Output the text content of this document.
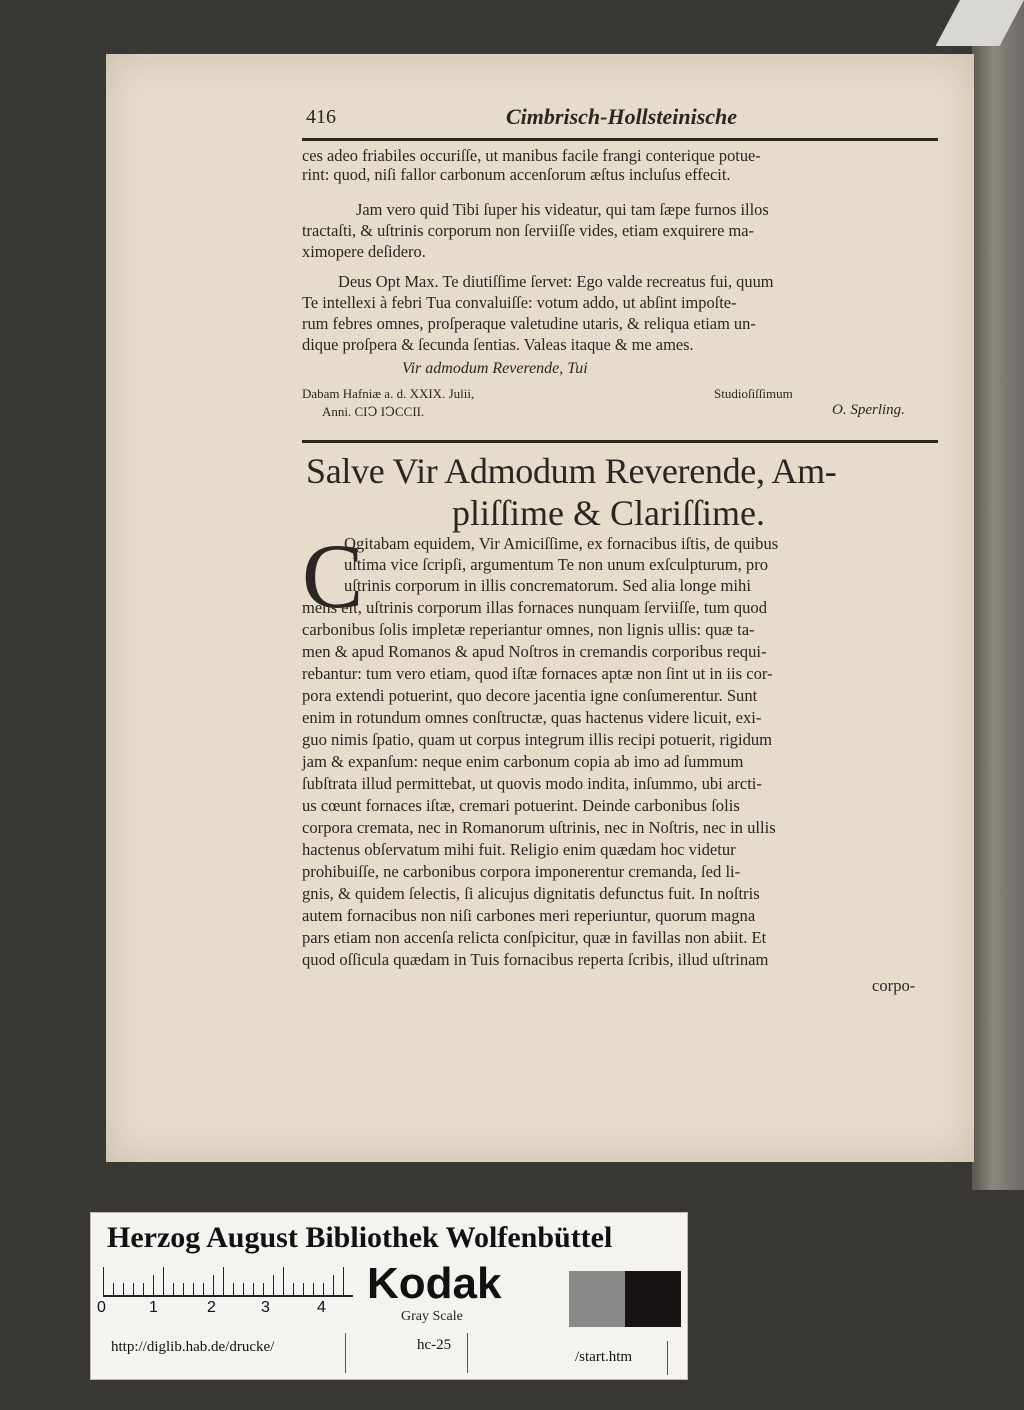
416	Cimbrisch-Hollsteinische
ces adeo friabiles occuriſſe, ut manibus facile frangi conterique potue-
rint: quod, niſi fallor carbonum accenſorum æſtus incluſus effecit.
Jam vero quid Tibi ſuper his videatur, qui tam ſæpe furnos illos
tractaſti, & uſtrinis corporum non ſerviiſſe vides, etiam exquirere ma-
ximopere deſidero.
Deus Opt Max. Te diutiſſime ſervet: Ego valde recreatus fui, quum
Te intellexi à febri Tua convaluiſſe: votum addo, ut abſint impoſte-
rum febres omnes, proſperaque valetudine utaris, & reliqua etiam un-
dique proſpera & ſecunda ſentias. Valeas itaque & me ames.
Vir admodum Reverende, Tui
Dabam Hafniæ a. d. XXIX. Julii,	Studioſiſſimum
Anni. CIↃ IↃCCII.	O. Sperling.
Salve Vir Admodum Reverende, Am-
pliſſime & Clariſſime.
C
Ogitabam equidem, Vir Amiciſſime, ex fornacibus iſtis, de quibus
ultima vice ſcripſi, argumentum Te non unum exſculpturum, pro
uſtrinis corporum in illis concrematorum. Sed alia longe mihi
mens eſt, uſtrinis corporum illas fornaces nunquam ſerviiſſe, tum quod
carbonibus ſolis impletæ reperiantur omnes, non lignis ullis: quæ ta-
men & apud Romanos & apud Noſtros in cremandis corporibus requi-
rebantur: tum vero etiam, quod iſtæ fornaces aptæ non ſint ut in iis cor-
pora extendi potuerint, quo decore jacentia igne conſumerentur. Sunt
enim in rotundum omnes conſtructæ, quas hactenus videre licuit, exi-
guo nimis ſpatio, quam ut corpus integrum illis recipi potuerit, rigidum
jam & expanſum: neque enim carbonum copia ab imo ad ſummum
ſubſtrata illud permittebat, ut quovis modo indita, inſummo, ubi arcti-
us cœunt fornaces iſtæ, cremari potuerint. Deinde carbonibus ſolis
corpora cremata, nec in Romanorum uſtrinis, nec in Noſtris, nec in ullis
hactenus obſervatum mihi fuit. Religio enim quædam hoc videtur
prohibuiſſe, ne carbonibus corpora imponerentur cremanda, ſed li-
gnis, & quidem ſelectis, ſi alicujus dignitatis defunctus fuit. In noſtris
autem fornacibus non niſi carbones meri reperiuntur, quorum magna
pars etiam non accenſa relicta conſpicitur, quæ in favillas non abiit. Et
quod oſſicula quædam in Tuis fornacibus reperta ſcribis, illud uſtrinam
corpo-
Herzog August Bibliothek Wolfenbüttel
0	1	2	3	4 Kodak
Gray Scale
http://diglib.hab.de/drucke/	hc-25
/start.htm
